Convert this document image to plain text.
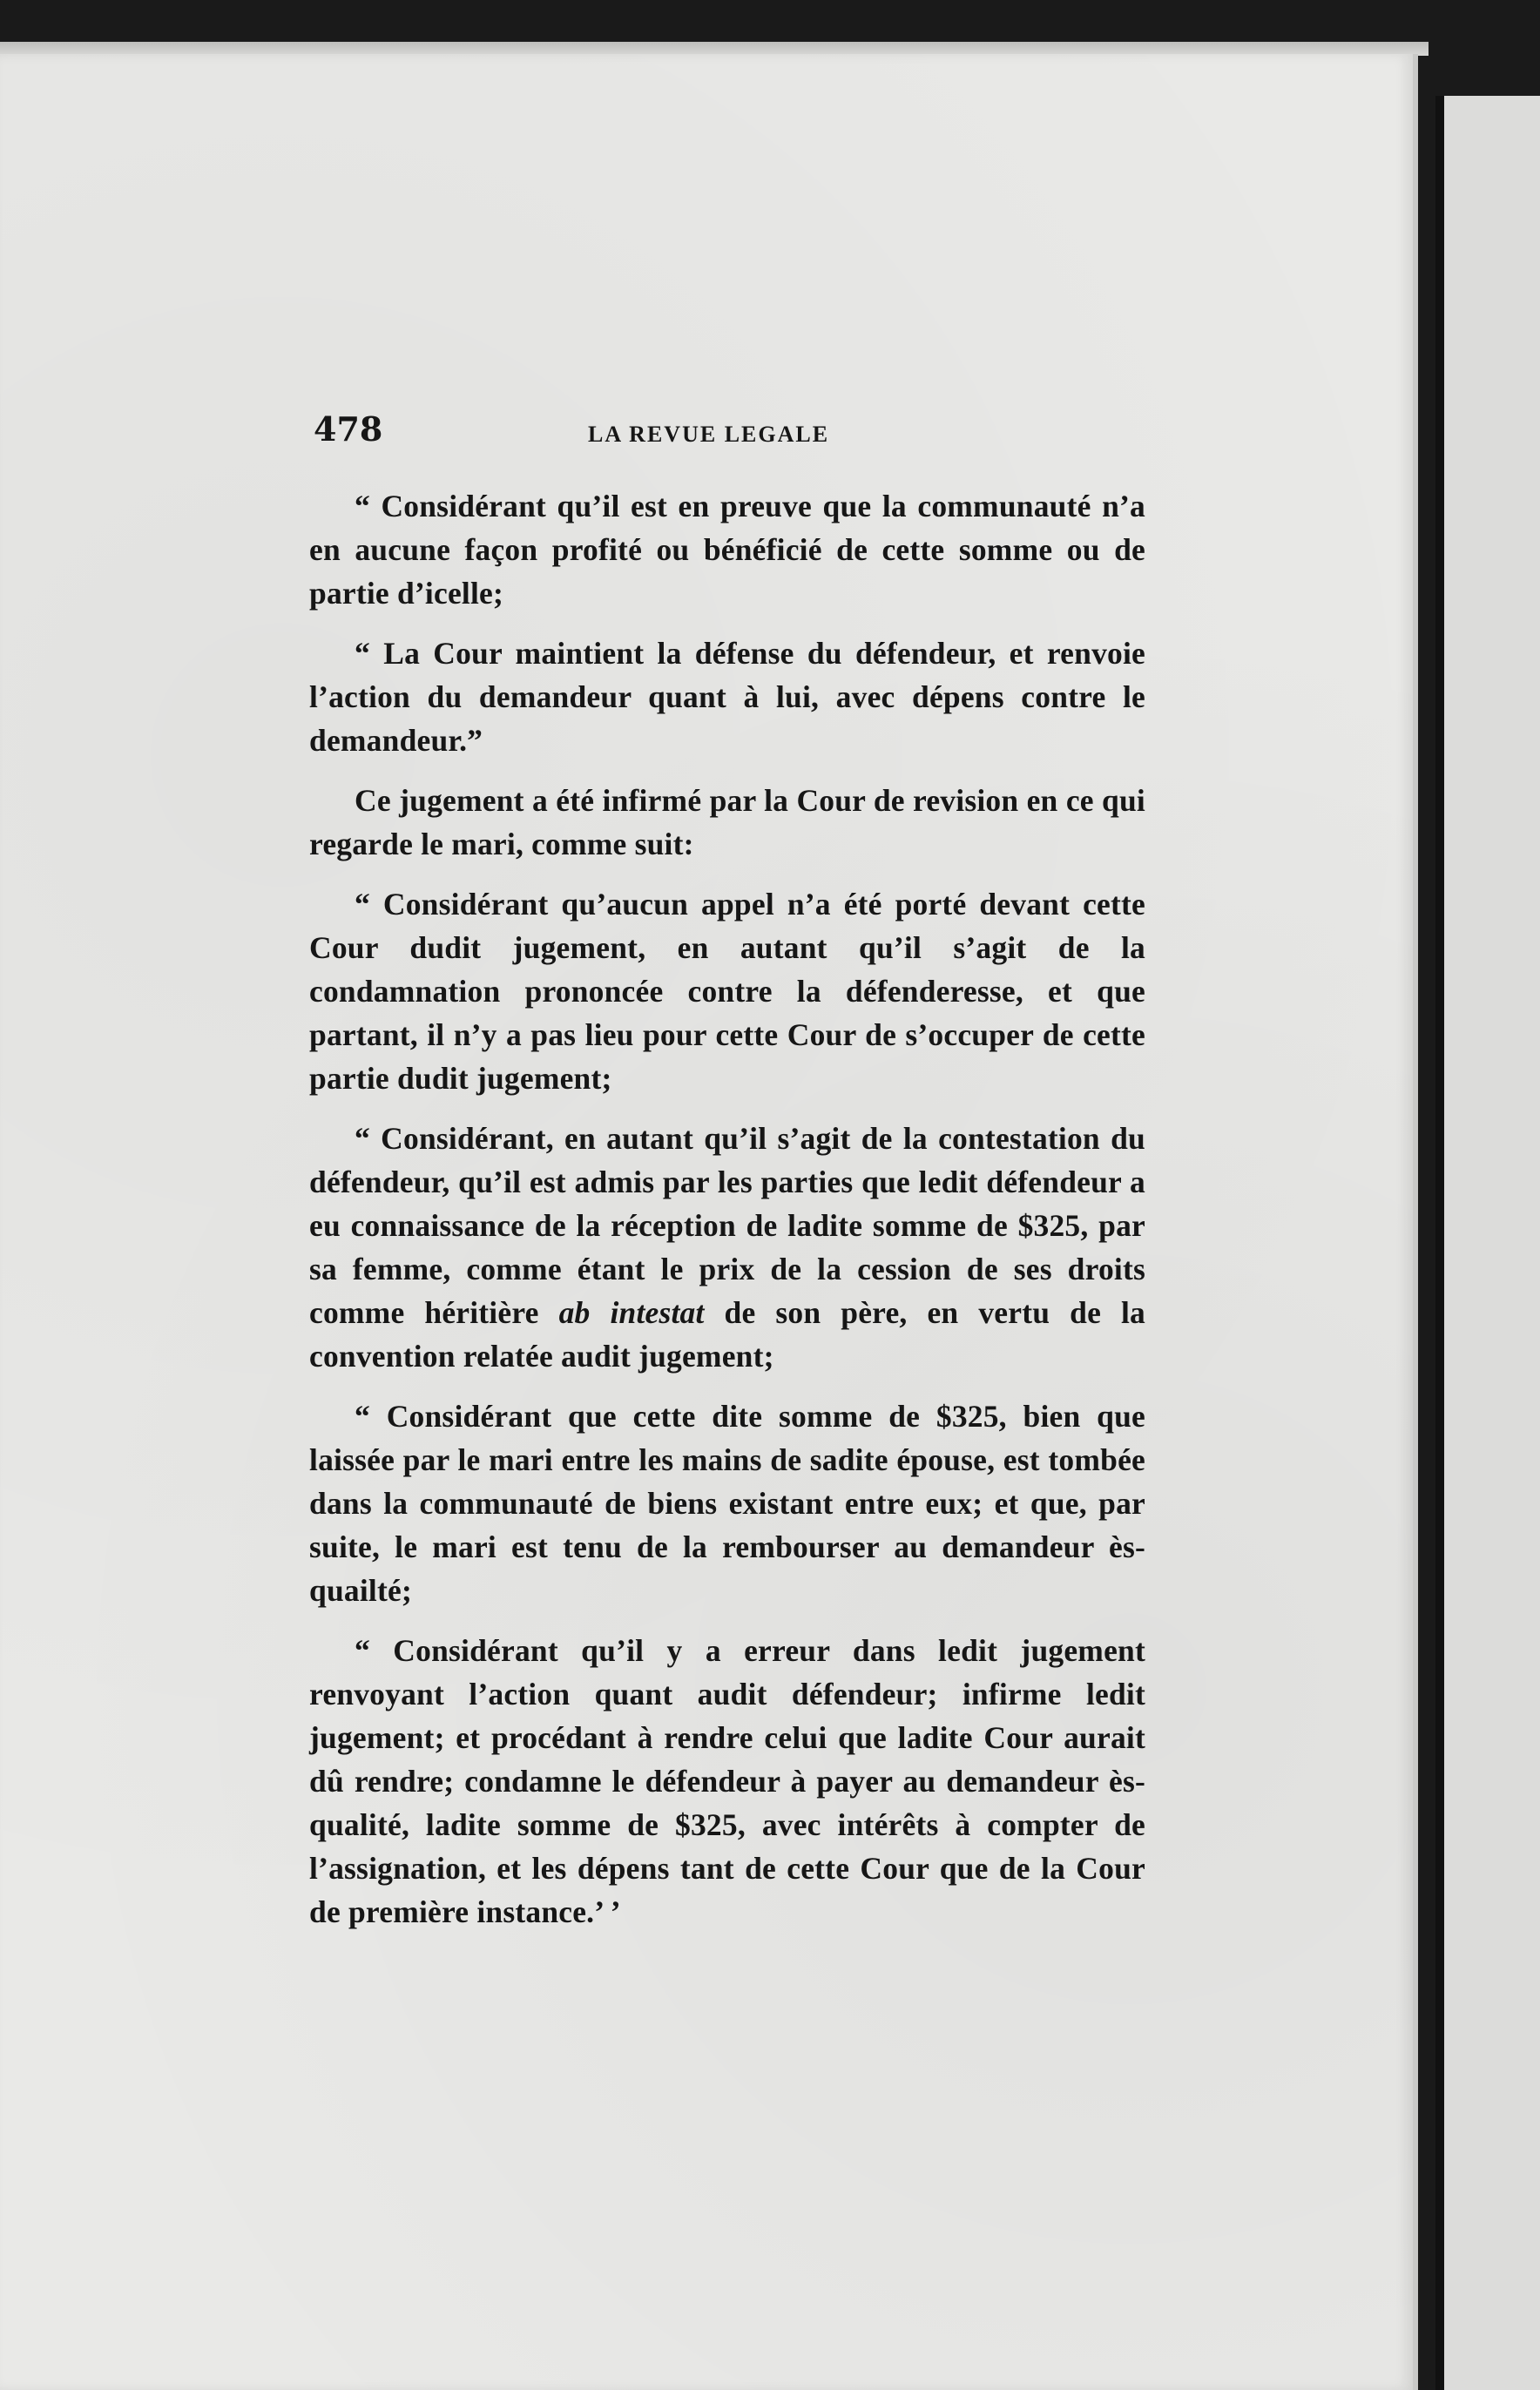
478	LA REVUE LEGALE

“ Considérant qu’il est en preuve que la communauté n’a en aucune façon profité ou bénéficié de cette somme ou de partie d’icelle;

“ La Cour maintient la défense du défendeur, et renvoie l’action du demandeur quant à lui, avec dépens contre le demandeur.”

Ce jugement a été infirmé par la Cour de revision en ce qui regarde le mari, comme suit:

“ Considérant qu’aucun appel n’a été porté devant cette Cour dudit jugement, en autant qu’il s’agit de la condamnation prononcée contre la défenderesse, et que partant, il n’y a pas lieu pour cette Cour de s’occuper de cette partie dudit jugement;

“ Considérant, en autant qu’il s’agit de la contestation du défendeur, qu’il est admis par les parties que ledit défendeur a eu connaissance de la réception de ladite somme de $325, par sa femme, comme étant le prix de la cession de ses droits comme héritière ab intestat de son père, en vertu de la convention relatée audit jugement;

“ Considérant que cette dite somme de $325, bien que laissée par le mari entre les mains de sadite épouse, est tombée dans la communauté de biens existant entre eux; et que, par suite, le mari est tenu de la rembourser au demandeur ès-quailté;

“ Considérant qu’il y a erreur dans ledit jugement renvoyant l’action quant audit défendeur; infirme ledit jugement; et procédant à rendre celui que ladite Cour aurait dû rendre; condamne le défendeur à payer au demandeur ès-qualité, ladite somme de $325, avec intérêts à compter de l’assignation, et les dépens tant de cette Cour que de la Cour de première instance.’ ’
